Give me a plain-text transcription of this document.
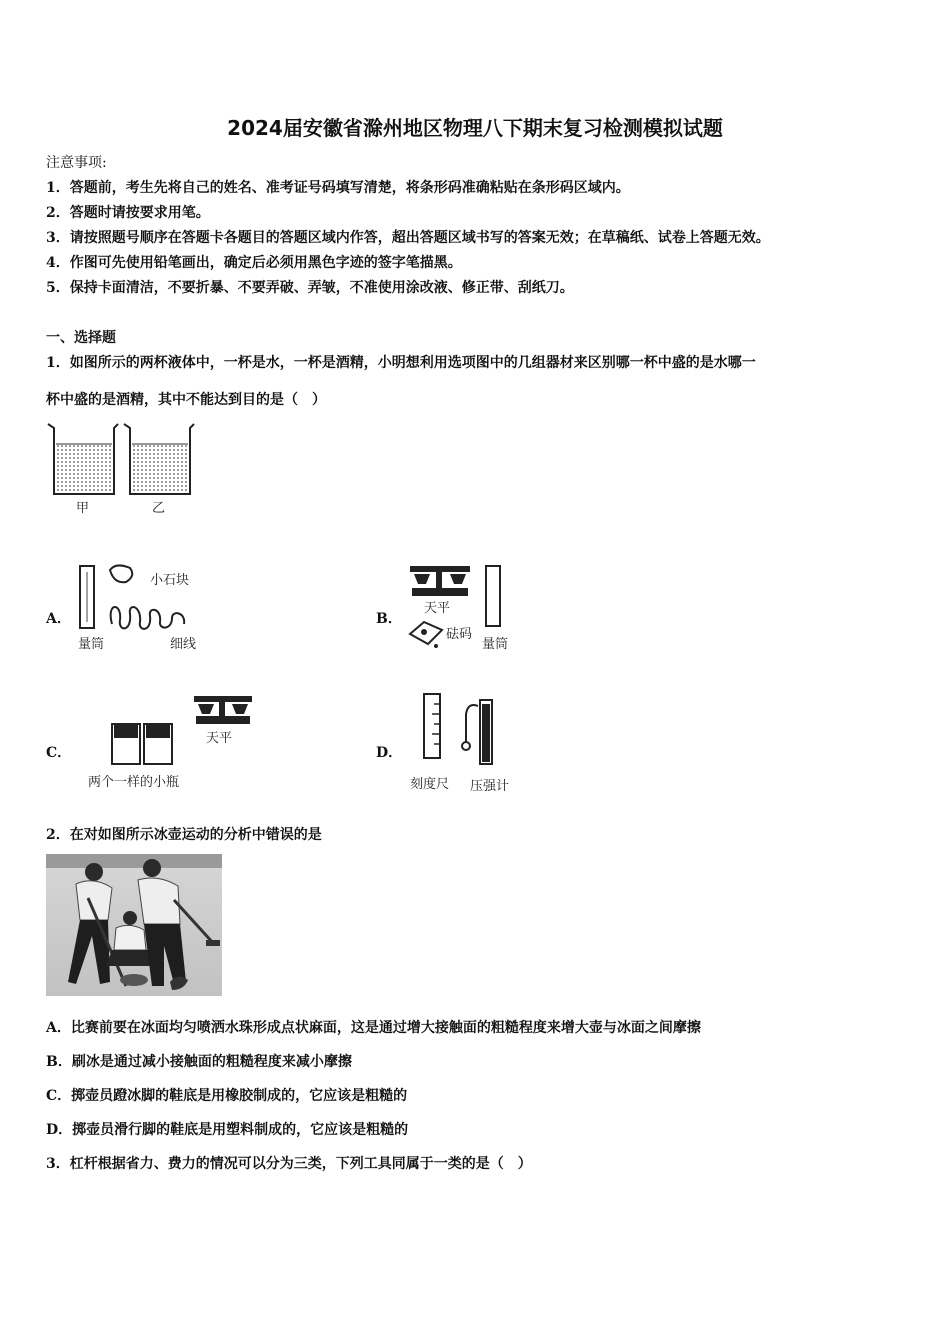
2024届安徽省滁州地区物理八下期末复习检测模拟试题
注意事项:
1．答题前，考生先将自己的姓名、准考证号码填写清楚，将条形码准确粘贴在条形码区域内。
2．答题时请按要求用笔。
3．请按照题号顺序在答题卡各题目的答题区域内作答，超出答题区域书写的答案无效；在草稿纸、试卷上答题无效。
4．作图可先使用铅笔画出，确定后必须用黑色字迹的签字笔描黑。
5．保持卡面清洁，不要折暴、不要弄破、弄皱，不准使用涂改液、修正带、刮纸刀。
一、选择题
1．如图所示的两杯液体中，一杯是水，一杯是酒精，小明想利用选项图中的几组器材来区别哪一杯中盛的是水哪一
杯中盛的是酒精，其中不能达到目的是（　）
甲	乙
A．
小石块
量筒	细线
B．
天平
砝码
量筒
C．
天平
两个一样的小瓶
D．
刻度尺 压强计
2．在对如图所示冰壶运动的分析中错误的是
A．比赛前要在冰面均匀喷洒水珠形成点状麻面，这是通过增大接触面的粗糙程度来增大壶与冰面之间摩擦
B．刷冰是通过减小接触面的粗糙程度来减小摩擦
C．掷壶员蹬冰脚的鞋底是用橡胶制成的，它应该是粗糙的
D．掷壶员滑行脚的鞋底是用塑料制成的，它应该是粗糙的
3．杠杆根据省力、费力的情况可以分为三类，下列工具同属于一类的是（　）
